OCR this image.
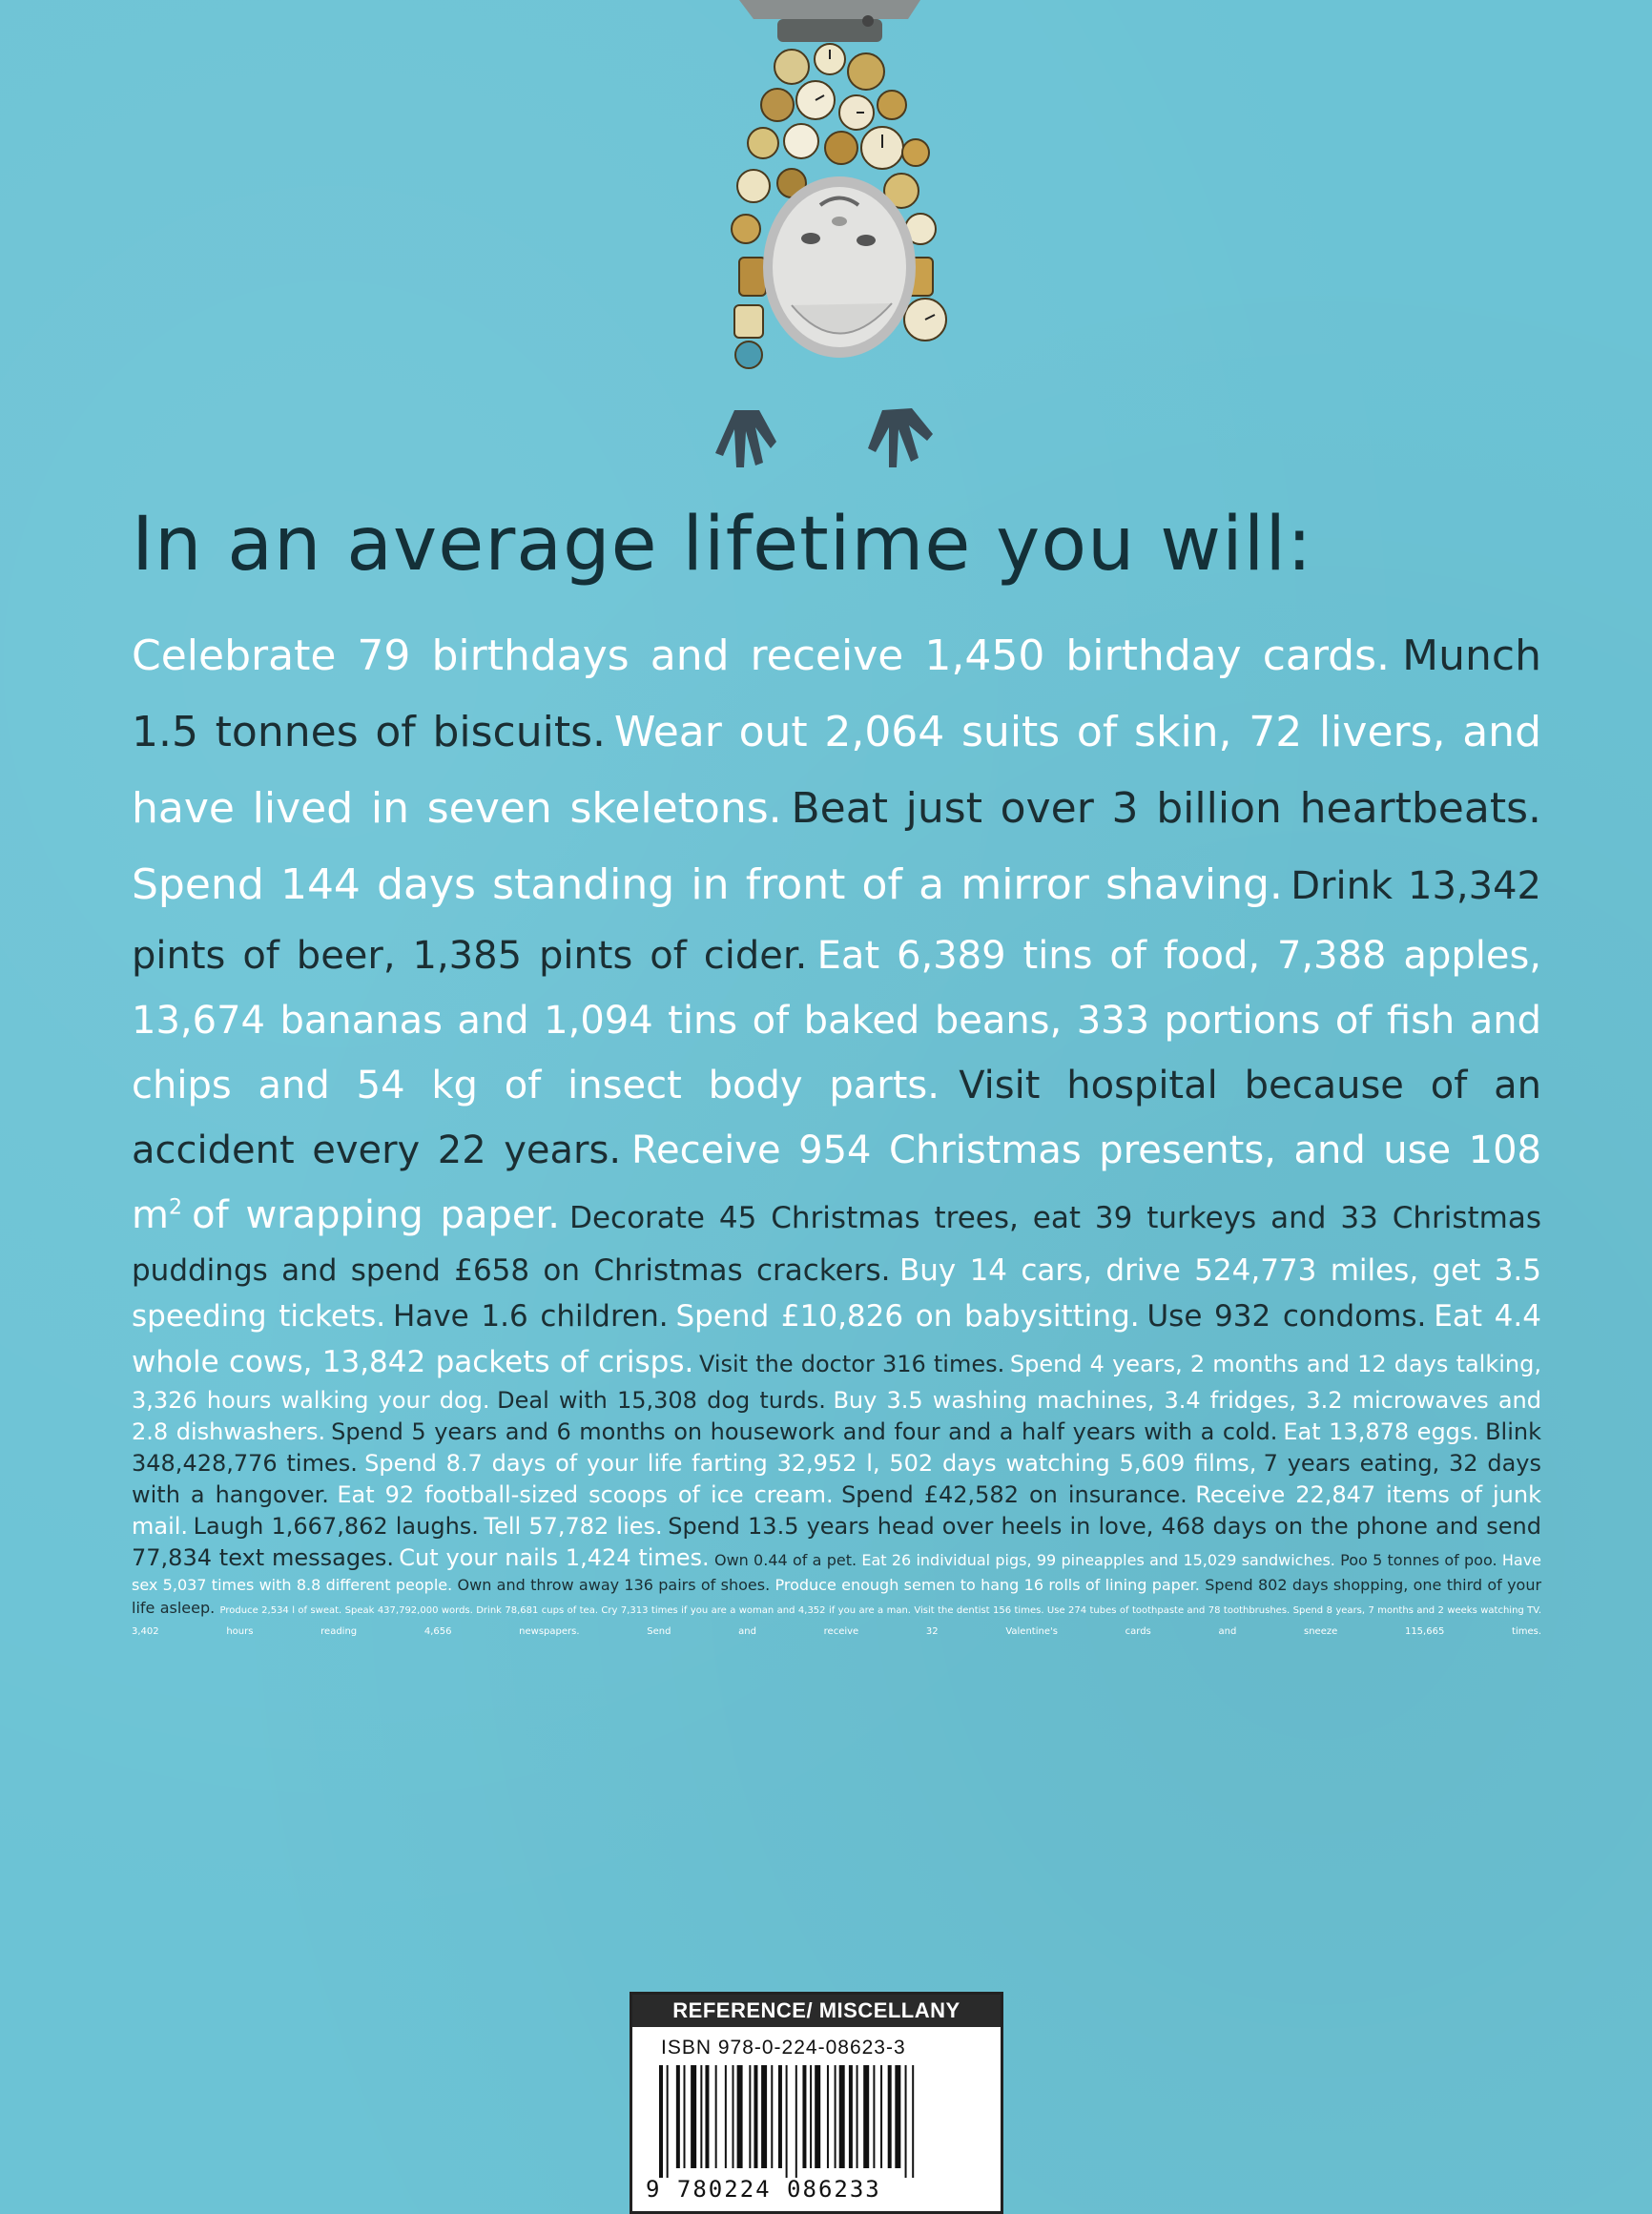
In an average lifetime you will:

Celebrate 79 birthdays and receive 1,450 birthday cards. Munch 1.5 tonnes of biscuits. Wear out 2,064 suits of skin, 72 livers, and have lived in seven skeletons. Beat just over 3 billion heartbeats. Spend 144 days standing in front of a mirror shaving. Drink 13,342 pints of beer, 1,385 pints of cider. Eat 6,389 tins of food, 7,388 apples, 13,674 bananas and 1,094 tins of baked beans, 333 portions of fish and chips and 54 kg of insect body parts. Visit hospital because of an accident every 22 years. Receive 954 Christmas presents, and use 108 $m^2$ of wrapping paper. Decorate 45 Christmas trees, eat 39 turkeys and 33 Christmas puddings and spend £658 on Christmas crackers. Buy 14 cars, drive 524,773 miles, get 3.5 speeding tickets. Have 1.6 children. Spend £10,826 on babysitting. Use 932 condoms. Eat 4.4 whole cows, 13,842 packets of crisps. Visit the doctor 316 times. Spend 4 years, 2 months and 12 days talking, 3,326 hours walking your dog. Deal with 15,308 dog turds. Buy 3.5 washing machines, 3.4 fridges, 3.2 microwaves and 2.8 dishwashers. Spend 5 years and 6 months on housework and four and a half years with a cold. Eat 13,878 eggs. Blink 348,428,776 times. Spend 8.7 days of your life farting 32,952 l, 502 days watching 5,609 films, 7 years eating, 32 days with a hangover. Eat 92 football-sized scoops of ice cream. Spend £42,582 on insurance. Receive 22,847 items of junk mail. Laugh 1,667,862 laughs. Tell 57,782 lies. Spend 13.5 years head over heels in love, 468 days on the phone and send 77,834 text messages. Cut your nails 1,424 times. Own 0.44 of a pet. Eat 26 individual pigs, 99 pineapples and 15,029 sandwiches. Poo 5 tonnes of poo. Have sex 5,037 times with 8.8 different people. Own and throw away 136 pairs of shoes. Produce enough semen to hang 16 rolls of lining paper. Spend 802 days shopping, one third of your life asleep. Produce 2,534 l of sweat. Speak 437,792,000 words. Drink 78,681 cups of tea. Cry 7,313 times if you are a woman and 4,352 if you are a man. Visit the dentist 156 times. Use 274 tubes of toothpaste and 78 toothbrushes. Spend 8 years, 7 months and 2 weeks watching TV. 3,402 hours reading 4,656 newspapers. Send and receive 32 Valentine's cards and sneeze 115,665 times.

REFERENCE/ MISCELLANY
ISBN 978-0-224-08623-3
9 780224 086233
